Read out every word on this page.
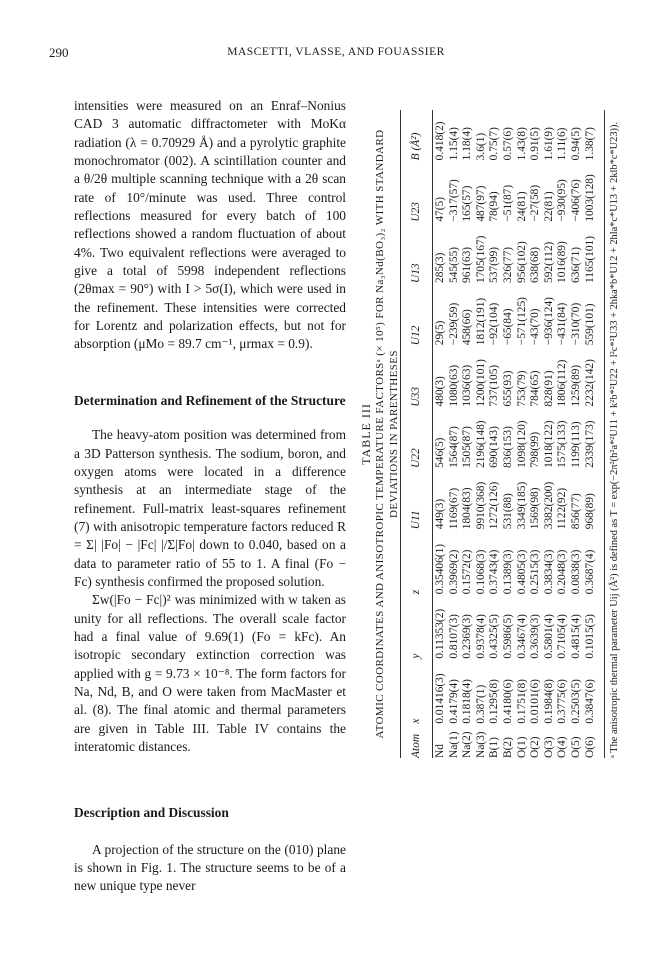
290	MASCETTI, VLASSE, AND FOUASSIER

intensities were measured on an Enraf–Nonius CAD 3 automatic diffractometer with MoKα radiation (λ = 0.70929 Å) and a pyrolytic graphite monochromator (002). A scintillation counter and a θ/2θ multiple scanning technique with a 2θ scan rate of 10°/minute was used. Three control reflections measured for every batch of 100 reflections showed a random fluctuation of about 4%. Two equivalent reflections were averaged to give a total of 5998 independent reflections (2θmax = 90°) with I > 5σ(I), which were used in the refinement. These intensities were corrected for Lorentz and polarization effects, but not for absorption (μMo = 89.7 cm⁻¹, μrmax = 0.9).

Determination and Refinement of the Structure

The heavy-atom position was determined from a 3D Patterson synthesis. The sodium, boron, and oxygen atoms were located in a difference synthesis at an intermediate stage of the refinement. Full-matrix least-squares refinement (7) with anisotropic temperature factors reduced R = Σ| |Fo| − |Fc| |/Σ|Fo| down to 0.040, based on a data to parameter ratio of 55 to 1. A final (Fo − Fc) synthesis confirmed the proposed solution.

Σw(|Fo − Fc|)² was minimized with w taken as unity for all reflections. The overall scale factor had a final value of 9.69(1) (Fo = kFc). An isotropic secondary extinction correction was applied with g = 9.73 × 10⁻⁸. The form factors for Na, Nd, B, and O were taken from MacMaster et al. (8). The final atomic and thermal parameters are given in Table III. Table IV contains the interatomic distances.

Description and Discussion

A projection of the structure on the (010) plane is shown in Fig. 1. The structure seems to be of a new unique type never

TABLE III ATOMIC COORDINATES AND ANISOTROPIC TEMPERATURE FACTORSᵃ (× 10⁵) FOR Na₃Nd(BO₃)₂ WITH STANDARD DEVIATIONS IN PARENTHESES
Atom	x	y	z	U11	U22	U33	U12	U13	U23	B (Å²)

Nd	0.01416(3)	0.11353(2)	0.35406(1)	449(3)	546(5)	480(3)	29(5)	285(3)	47(5)	0.418(2)
Na(1)	0.4179(4)	0.8107(3)	0.3969(2)	1169(67)	1564(87)	1080(63)	−239(59)	545(55)	−317(57)	1.15(4)
Na(2)	0.1818(4)	0.2369(3)	0.1572(2)	1804(83)	1505(87)	1036(63)	458(66)	961(63)	165(57)	1.18(4)
Na(3)	0.387(1)	0.9378(4)	0.1068(3)	9910(368)	2196(148)	1200(101)	1812(191)	1705(167)	487(97)	3.6(1)
B(1)	0.1295(8)	0.4325(5)	0.3743(4)	1272(126)	690(143)	737(105)	−92(104)	537(99)	78(94)	0.75(7)
B(2)	0.4180(6)	0.5986(5)	0.1389(3)	531(88)	836(153)	655(93)	−65(84)	326(77)	−51(87)	0.57(6)
O(1)	0.1751(8)	0.3467(4)	0.4805(3)	3349(185)	1098(120)	753(79)	−571(125)	956(102)	24(81)	1.43(8)
O(2)	0.0101(6)	0.3639(3)	0.2515(3)	1569(98)	798(99)	784(65)	−43(70)	638(68)	−27(58)	0.91(5)
O(3)	0.1984(8)	0.5801(4)	0.3834(3)	3382(200)	1018(122)	828(91)	−936(124)	592(112)	22(81)	1.61(9)
O(4)	0.3775(6)	0.7105(4)	0.2048(3)	1122(92)	1575(133)	1806(112)	−431(84)	1016(89)	−930(95)	1.11(6)
O(5)	0.2503(5)	0.4815(4)	0.0838(3)	856(77)	1199(113)	1259(89)	−310(70)	636(71)	−406(76)	0.94(5)
O(6)	0.3847(6)	0.1015(5)	0.3687(4)	968(89)	2339(173)	2232(142)	559(101)	1165(101)	1003(128)	1.38(7) ᵃ The anisotropic thermal parameter Uij (Å²) is defined as T = exp(−2π²(h²a*²U11 + k²b*²U22 + l²c*²U33 + 2hka*b*U12 + 2hla*c*U13 + 2klb*c*U23)).
